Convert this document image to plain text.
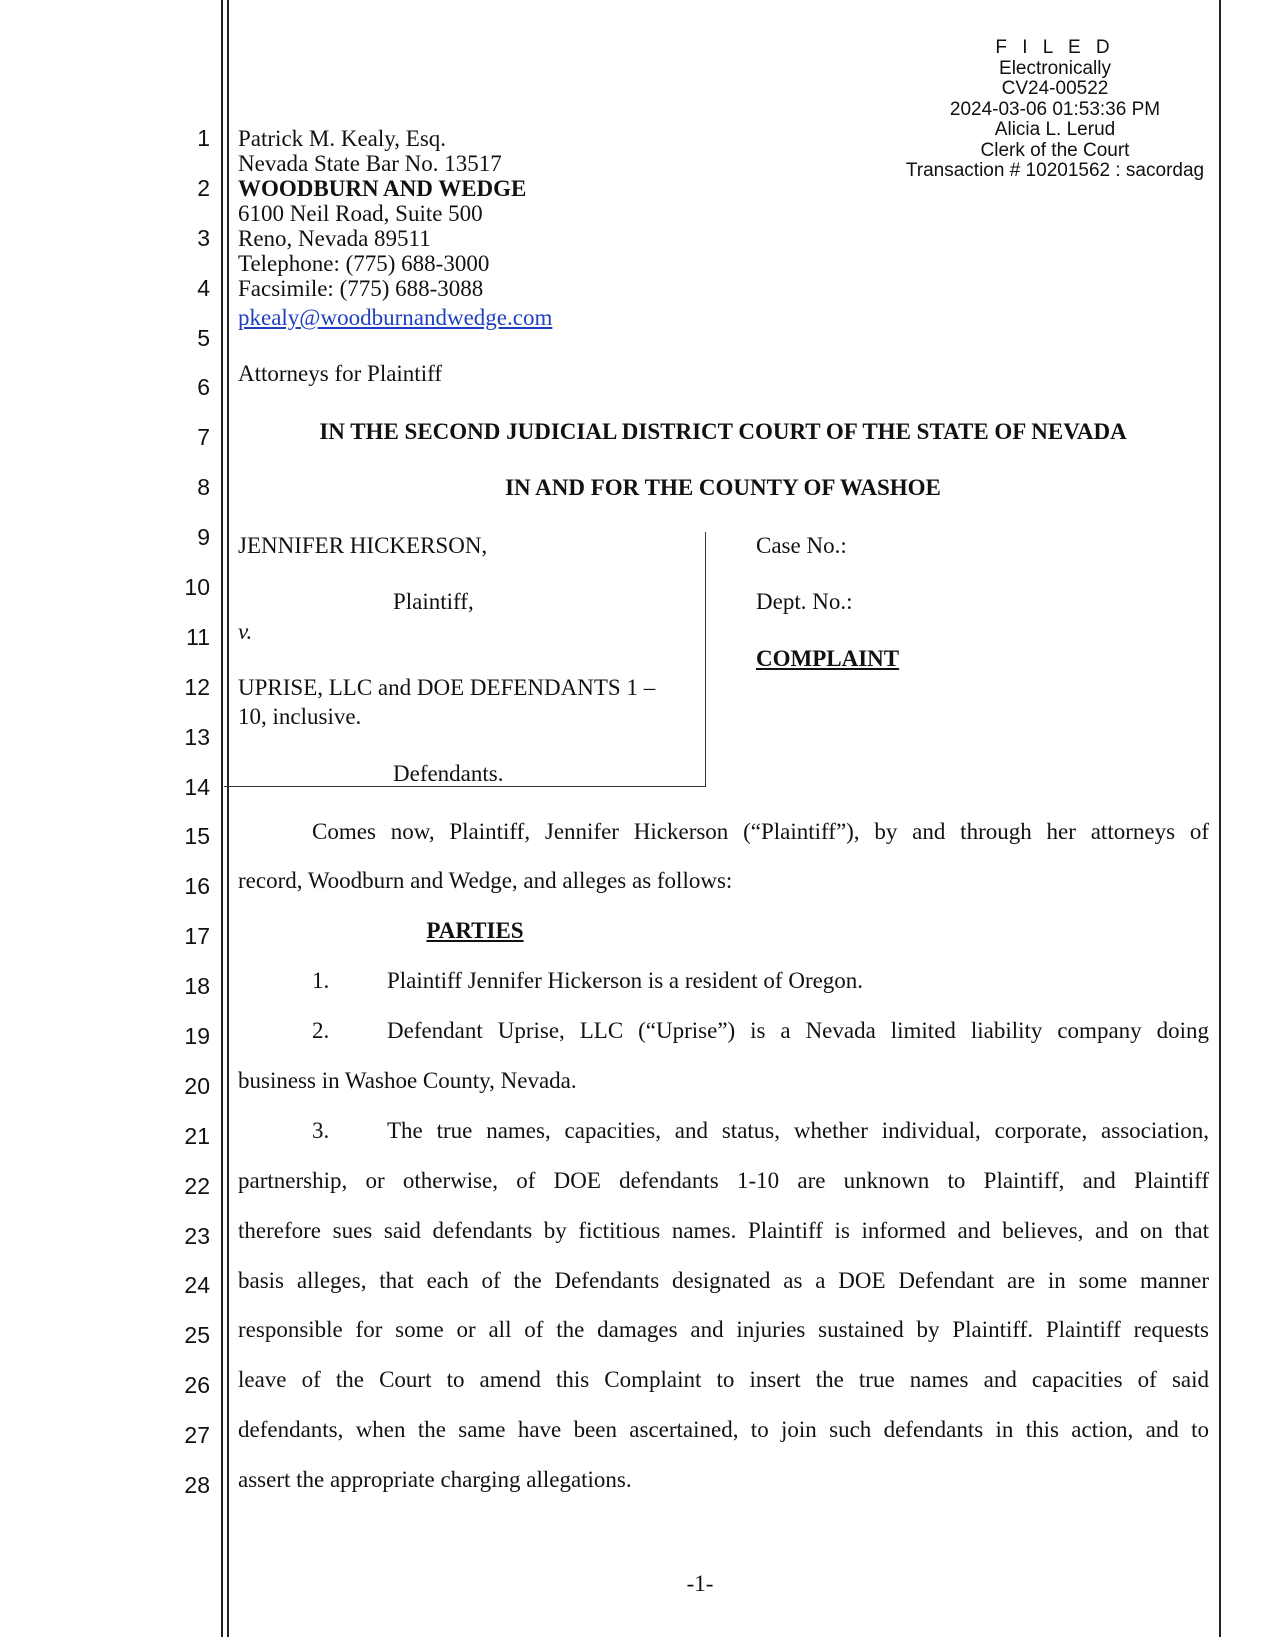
1
2
3
4
5
6
7
8
9
10
11
12
13
14
15
16
17
18
19
20
21
22
23
24
25
26
27
28
F I L E D
Electronically
CV24-00522
2024-03-06 01:53:36 PM
Alicia L. Lerud
Clerk of the Court
Transaction # 10201562 : sacordag
Patrick M. Kealy, Esq.
Nevada State Bar No. 13517
WOODBURN AND WEDGE
6100 Neil Road, Suite 500
Reno, Nevada 89511
Telephone: (775) 688-3000
Facsimile: (775) 688-3088
pkealy@woodburnandwedge.com
Attorneys for Plaintiff
IN THE SECOND JUDICIAL DISTRICT COURT OF THE STATE OF NEVADA
IN AND FOR THE COUNTY OF WASHOE
JENNIFER HICKERSON,
Plaintiff,
v.
UPRISE, LLC and DOE DEFENDANTS 1 –
10, inclusive.
Defendants.
Case No.:
Dept. No.:
COMPLAINT
Comes now, Plaintiff, Jennifer Hickerson (“Plaintiff”), by and through her attorneys of
record, Woodburn and Wedge, and alleges as follows:
PARTIES
1.	Plaintiff Jennifer Hickerson is a resident of Oregon.
2.	Defendant Uprise, LLC (“Uprise”) is a Nevada limited liability company doing
business in Washoe County, Nevada.
3.	The true names, capacities, and status, whether individual, corporate, association,
partnership, or otherwise, of DOE defendants 1-10 are unknown to Plaintiff, and Plaintiff
therefore sues said defendants by fictitious names. Plaintiff is informed and believes, and on that
basis alleges, that each of the Defendants designated as a DOE Defendant are in some manner
responsible for some or all of the damages and injuries sustained by Plaintiff. Plaintiff requests
leave of the Court to amend this Complaint to insert the true names and capacities of said
defendants, when the same have been ascertained, to join such defendants in this action, and to
assert the appropriate charging allegations.
-1-
